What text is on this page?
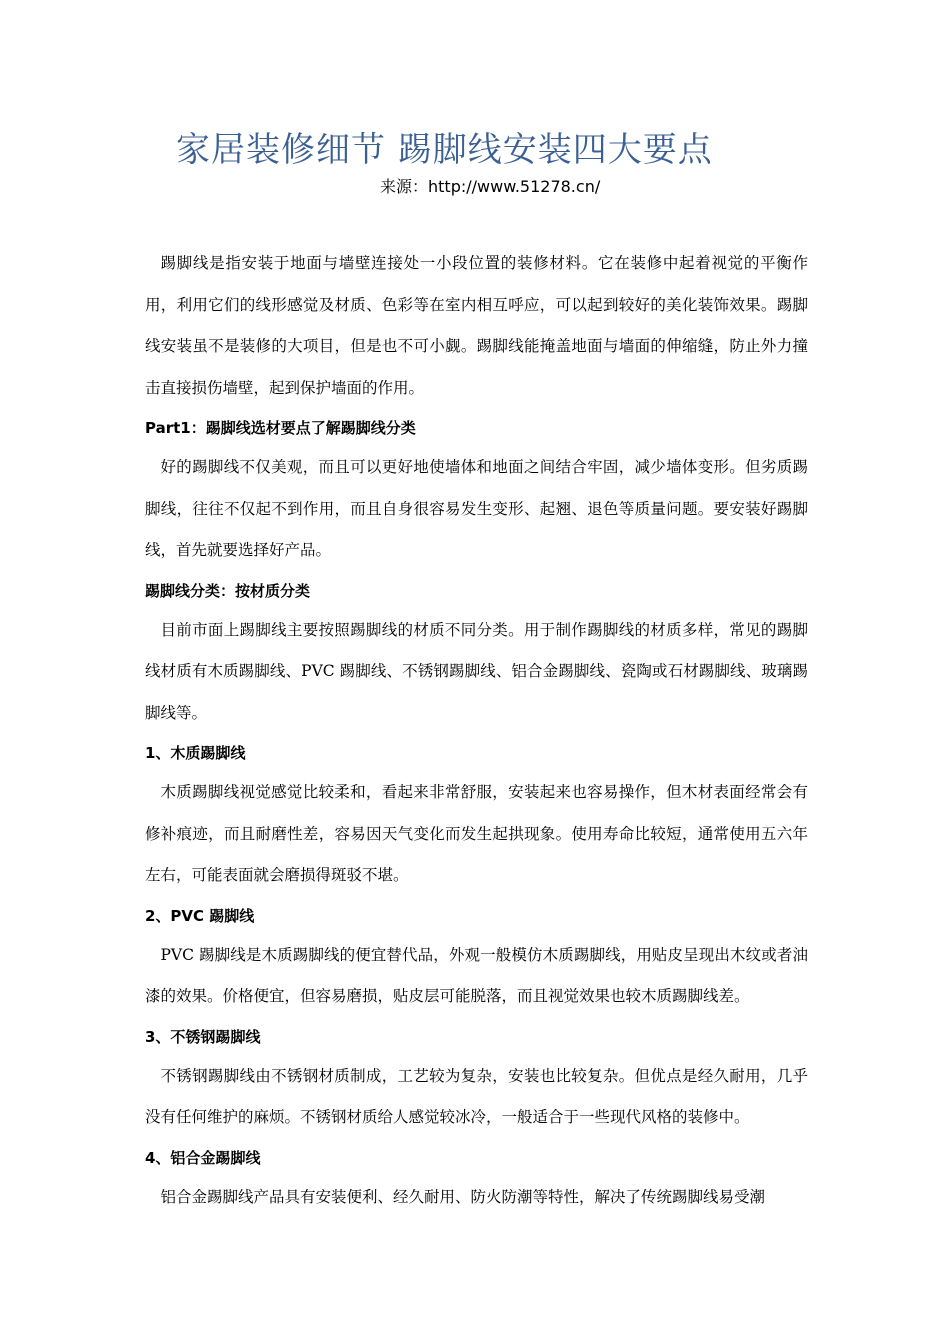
家居装修细节 踢脚线安装四大要点
来源：http://www.51278.cn/

踢脚线是指安装于地面与墙壁连接处一小段位置的装修材料。它在装修中起着视觉的平衡作用，利用它们的线形感觉及材质、色彩等在室内相互呼应，可以起到较好的美化装饰效果。踢脚线安装虽不是装修的大项目，但是也不可小觑。踢脚线能掩盖地面与墙面的伸缩缝，防止外力撞击直接损伤墙壁，起到保护墙面的作用。

Part1：踢脚线选材要点了解踢脚线分类

好的踢脚线不仅美观，而且可以更好地使墙体和地面之间结合牢固，减少墙体变形。但劣质踢脚线，往往不仅起不到作用，而且自身很容易发生变形、起翘、退色等质量问题。要安装好踢脚线，首先就要选择好产品。

踢脚线分类：按材质分类

目前市面上踢脚线主要按照踢脚线的材质不同分类。用于制作踢脚线的材质多样，常见的踢脚线材质有木质踢脚线、PVC 踢脚线、不锈钢踢脚线、铝合金踢脚线、瓷陶或石材踢脚线、玻璃踢脚线等。

1、木质踢脚线

木质踢脚线视觉感觉比较柔和，看起来非常舒服，安装起来也容易操作，但木材表面经常会有修补痕迹，而且耐磨性差，容易因天气变化而发生起拱现象。使用寿命比较短，通常使用五六年左右，可能表面就会磨损得斑驳不堪。

2、PVC 踢脚线

PVC 踢脚线是木质踢脚线的便宜替代品，外观一般模仿木质踢脚线，用贴皮呈现出木纹或者油漆的效果。价格便宜，但容易磨损，贴皮层可能脱落，而且视觉效果也较木质踢脚线差。

3、不锈钢踢脚线

不锈钢踢脚线由不锈钢材质制成，工艺较为复杂，安装也比较复杂。但优点是经久耐用，几乎没有任何维护的麻烦。不锈钢材质给人感觉较冰冷，一般适合于一些现代风格的装修中。

4、铝合金踢脚线

铝合金踢脚线产品具有安装便利、经久耐用、防火防潮等特性，解决了传统踢脚线易受潮
